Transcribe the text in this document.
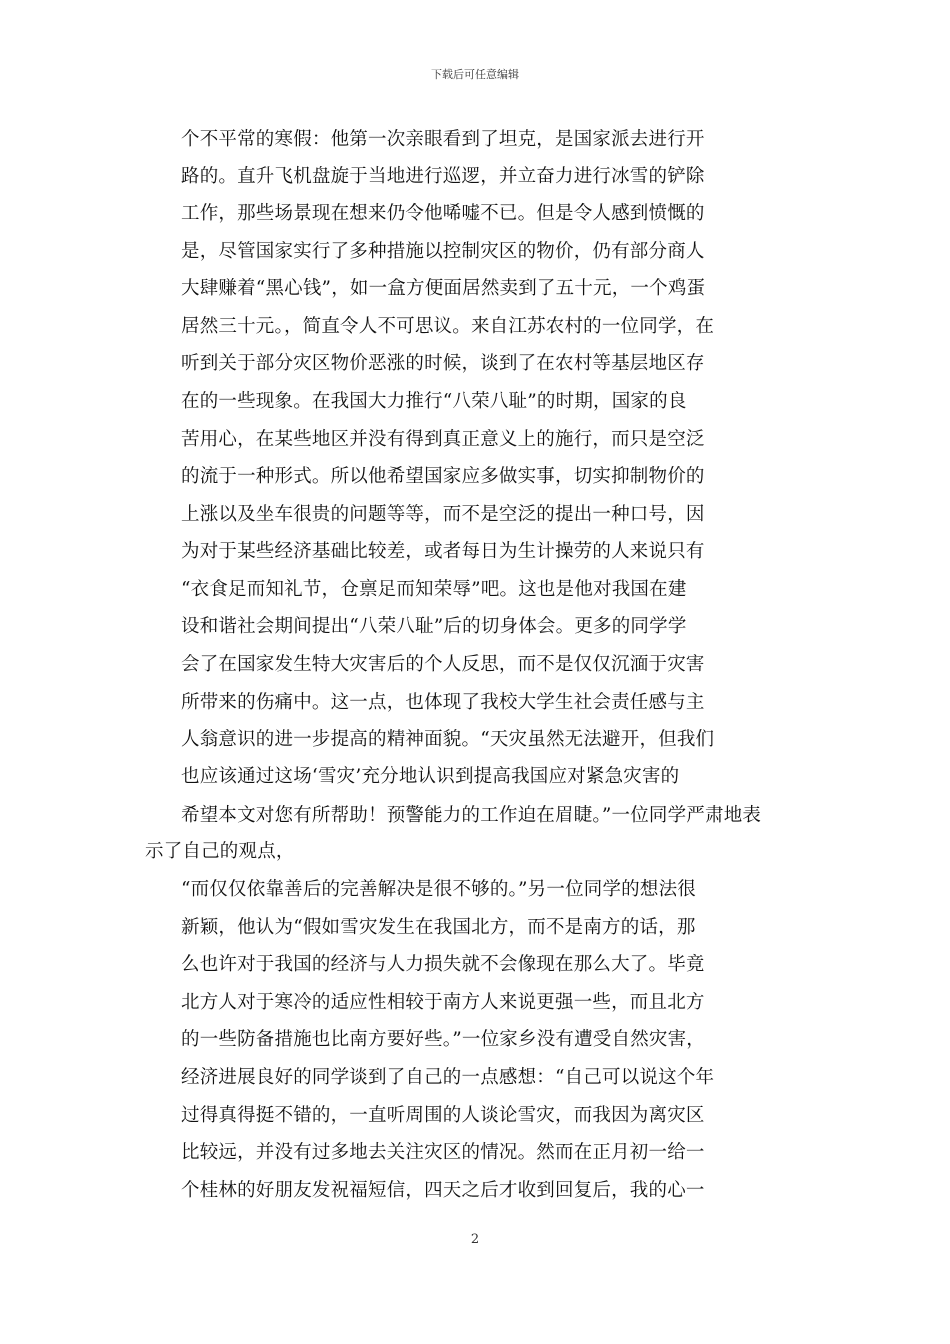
下载后可任意编辑
个不平常的寒假：他第一次亲眼看到了坦克，是国家派去进行开
路的。直升飞机盘旋于当地进行巡逻，并立奋力进行冰雪的铲除
工作，那些场景现在想来仍令他唏嘘不已。但是令人感到愤慨的
是，尽管国家实行了多种措施以控制灾区的物价，仍有部分商人
大肆赚着“黑心钱”，如一盒方便面居然卖到了五十元，一个鸡蛋
居然三十元。，简直令人不可思议。来自江苏农村的一位同学，在
听到关于部分灾区物价恶涨的时候，谈到了在农村等基层地区存
在的一些现象。在我国大力推行“八荣八耻”的时期，国家的良
苦用心，在某些地区并没有得到真正意义上的施行，而只是空泛
的流于一种形式。所以他希望国家应多做实事，切实抑制物价的
上涨以及坐车很贵的问题等等，而不是空泛的提出一种口号，因
为对于某些经济基础比较差，或者每日为生计操劳的人来说只有
“衣食足而知礼节，仓禀足而知荣辱”吧。这也是他对我国在建
设和谐社会期间提出“八荣八耻”后的切身体会。更多的同学学
会了在国家发生特大灾害后的个人反思，而不是仅仅沉湎于灾害
所带来的伤痛中。这一点，也体现了我校大学生社会责任感与主
人翁意识的进一步提高的精神面貌。“天灾虽然无法避开，但我们
也应该通过这场‘雪灾’充分地认识到提高我国应对紧急灾害的
希望本文对您有所帮助！预警能力的工作迫在眉睫。”一位同学严肃地表
示了自己的观点，
“而仅仅依靠善后的完善解决是很不够的。”另一位同学的想法很
新颖，他认为“假如雪灾发生在我国北方，而不是南方的话，那
么也许对于我国的经济与人力损失就不会像现在那么大了。毕竟
北方人对于寒冷的适应性相较于南方人来说更强一些，而且北方
的一些防备措施也比南方要好些。”一位家乡没有遭受自然灾害，
经济进展良好的同学谈到了自己的一点感想：“自己可以说这个年
过得真得挺不错的，一直听周围的人谈论雪灾，而我因为离灾区
比较远，并没有过多地去关注灾区的情况。然而在正月初一给一
个桂林的好朋友发祝福短信，四天之后才收到回复后，我的心一
2
